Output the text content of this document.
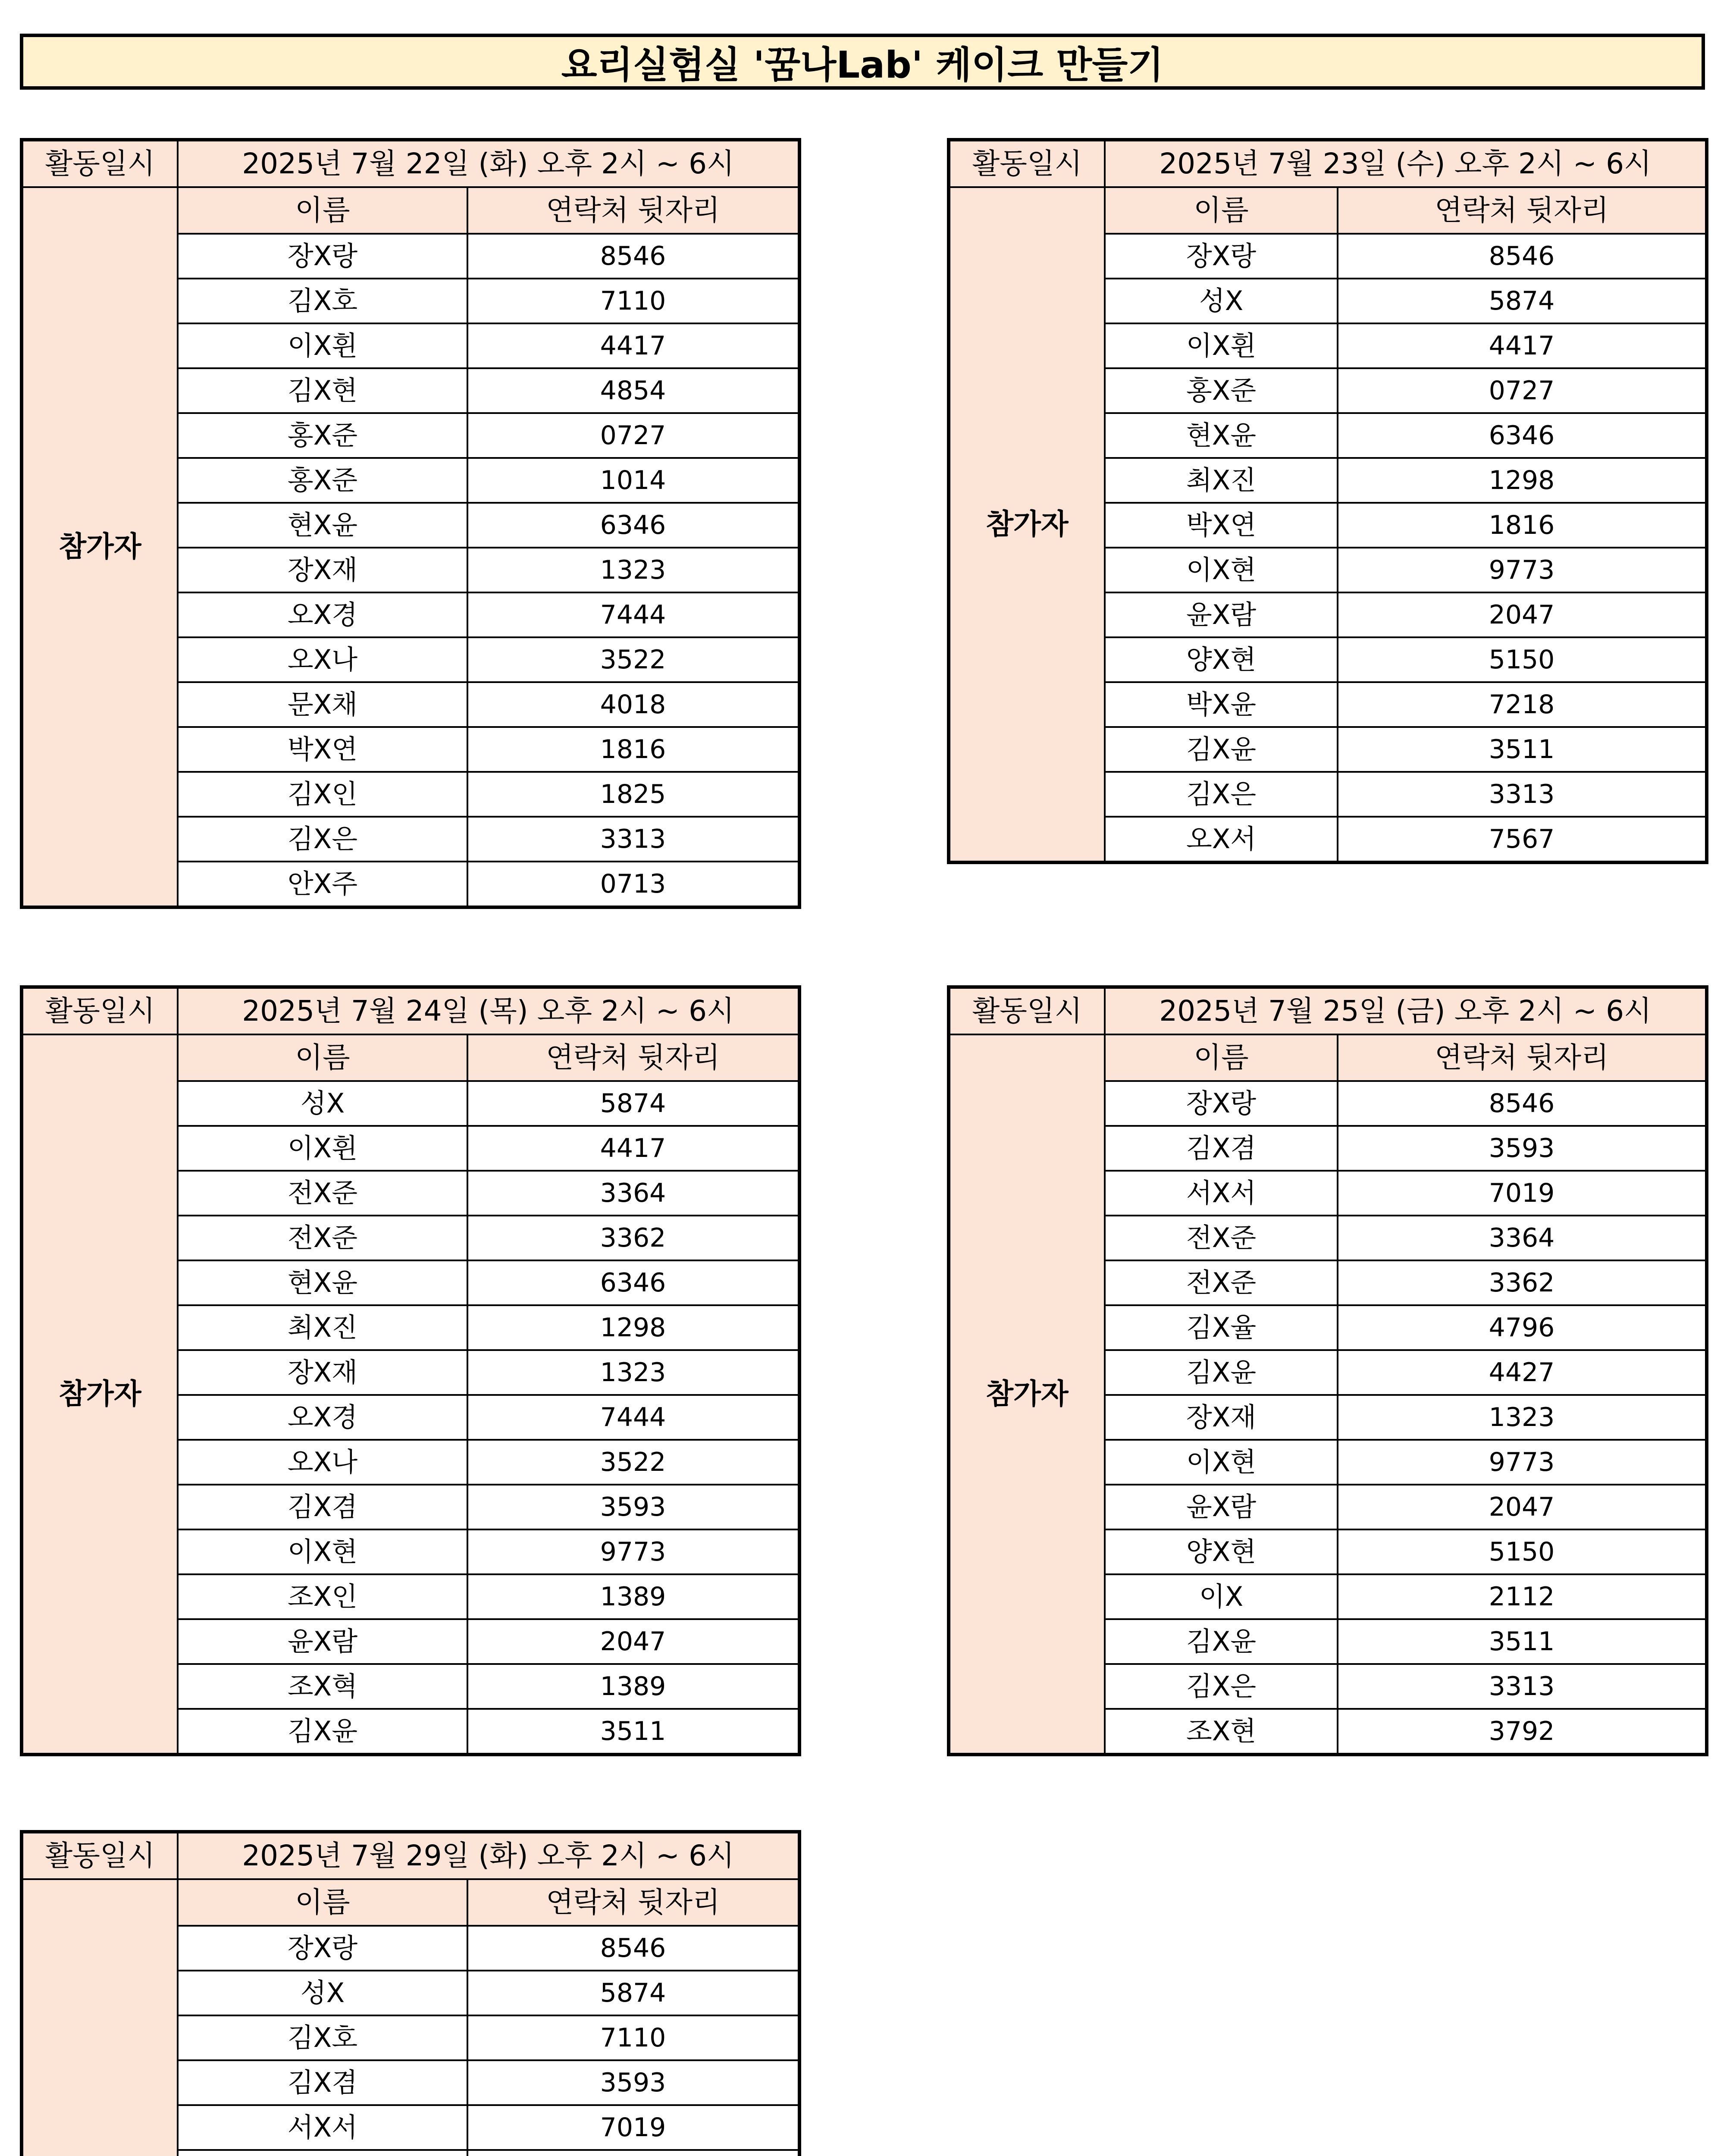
요리실험실 '꿈나Lab' 케이크 만들기
활동일시	2025년 7월 22일 (화) 오후 2시 ~ 6시	
참가자	이름	연락처 뒷자리
	장X랑	8546
	김X호	7110
	이X휜	4417
	김X현	4854
	홍X준	0727
	홍X준	1014
	현X윤	6346
	장X재	1323
	오X경	7444
	오X나	3522
	문X채	4018
	박X연	1816
	김X인	1825
	김X은	3313
	안X주	0713
활동일시	2025년 7월 23일 (수) 오후 2시 ~ 6시	
참가자	이름	연락처 뒷자리
	장X랑	8546
	성X	5874
	이X휜	4417
	홍X준	0727
	현X윤	6346
	최X진	1298
	박X연	1816
	이X현	9773
	윤X람	2047
	양X현	5150
	박X윤	7218
	김X윤	3511
	김X은	3313
	오X서	7567
활동일시	2025년 7월 24일 (목) 오후 2시 ~ 6시	
참가자	이름	연락처 뒷자리
	성X	5874
	이X휜	4417
	전X준	3364
	전X준	3362
	현X윤	6346
	최X진	1298
	장X재	1323
	오X경	7444
	오X나	3522
	김X겸	3593
	이X현	9773
	조X인	1389
	윤X람	2047
	조X혁	1389
	김X윤	3511
활동일시	2025년 7월 25일 (금) 오후 2시 ~ 6시	
참가자	이름	연락처 뒷자리
	장X랑	8546
	김X겸	3593
	서X서	7019
	전X준	3364
	전X준	3362
	김X율	4796
	김X윤	4427
	장X재	1323
	이X현	9773
	윤X람	2047
	양X현	5150
	이X	2112
	김X윤	3511
	김X은	3313
	조X현	3792
활동일시	2025년 7월 29일 (화) 오후 2시 ~ 6시	
	이름	연락처 뒷자리
	장X랑	8546
	성X	5874
	김X호	7110
	김X겸	3593
	서X서	7019
